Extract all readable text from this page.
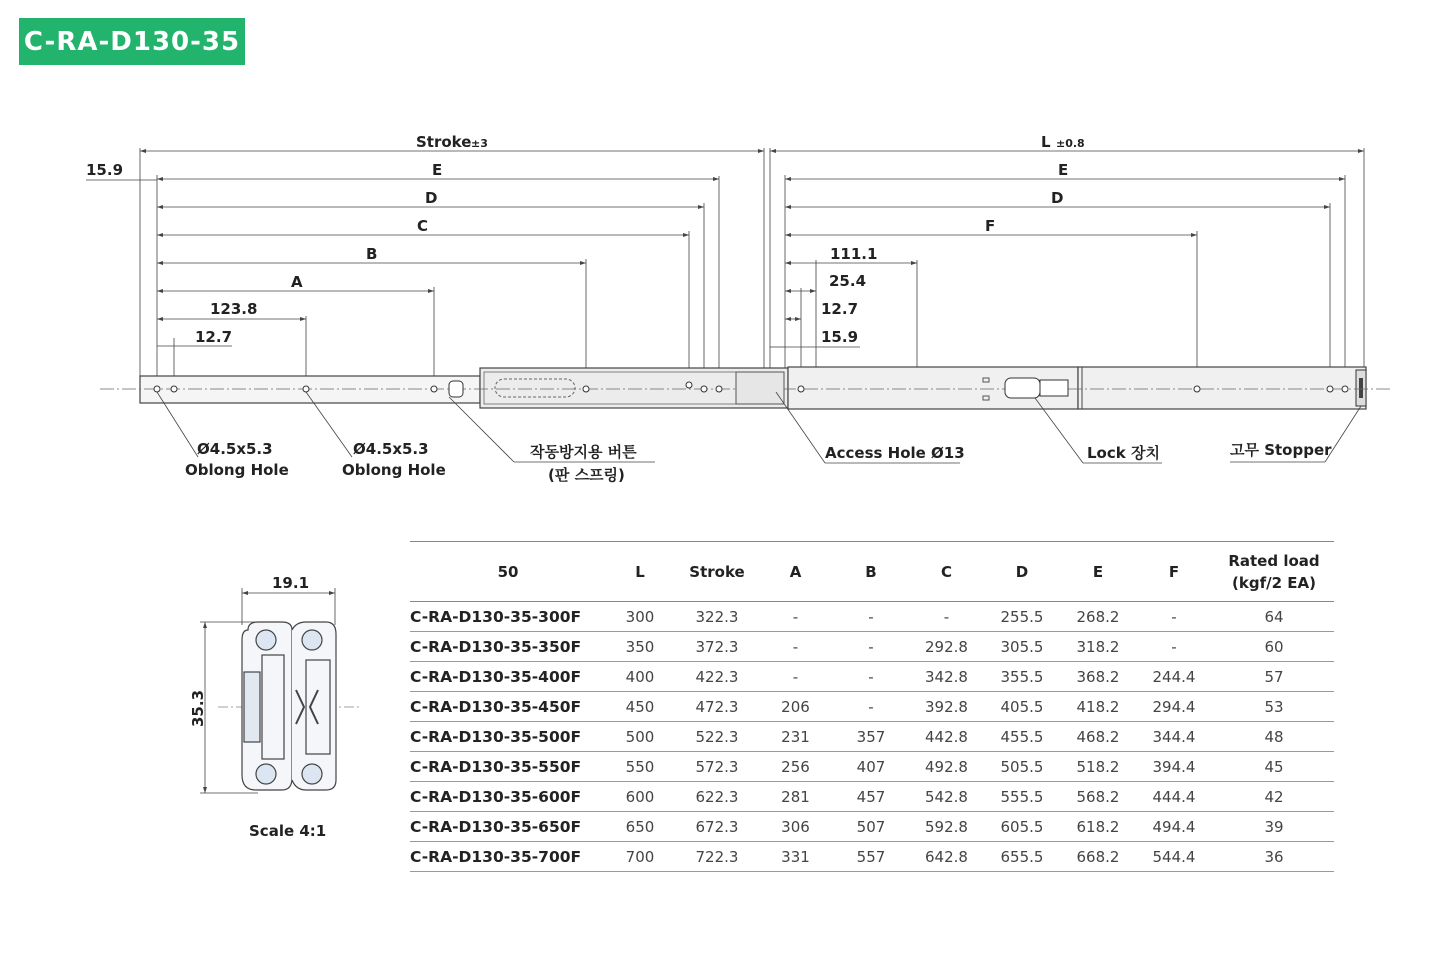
C-RA-D130-35
Stroke ±3
15.9	E
D
C
B
A
123.8
12.7
L ±0.8
E
D
F
111.1
25.4
12.7
15.9
Ø4.5x5.3
Oblong Hole
Ø4.5x5.3
Oblong Hole
작동방지용 버튼
(판 스프링)
Access Hole Ø13	Lock 장치	고무 Stopper
19.1
35.3
Scale 4:1
50	L	Stroke	A	B	C	D	E	F	Rated load
(kgf/2 EA)
C-RA-D130-35-300F	300	322.3	-	-	-	255.5	268.2	-	64
C-RA-D130-35-350F	350	372.3	-	-	292.8	305.5	318.2	-	60
C-RA-D130-35-400F	400	422.3	-	-	342.8	355.5	368.2	244.4	57
C-RA-D130-35-450F	450	472.3	206	-	392.8	405.5	418.2	294.4	53
C-RA-D130-35-500F	500	522.3	231	357	442.8	455.5	468.2	344.4	48
C-RA-D130-35-550F	550	572.3	256	407	492.8	505.5	518.2	394.4	45
C-RA-D130-35-600F	600	622.3	281	457	542.8	555.5	568.2	444.4	42
C-RA-D130-35-650F	650	672.3	306	507	592.8	605.5	618.2	494.4	39
C-RA-D130-35-700F	700	722.3	331	557	642.8	655.5	668.2	544.4	36
